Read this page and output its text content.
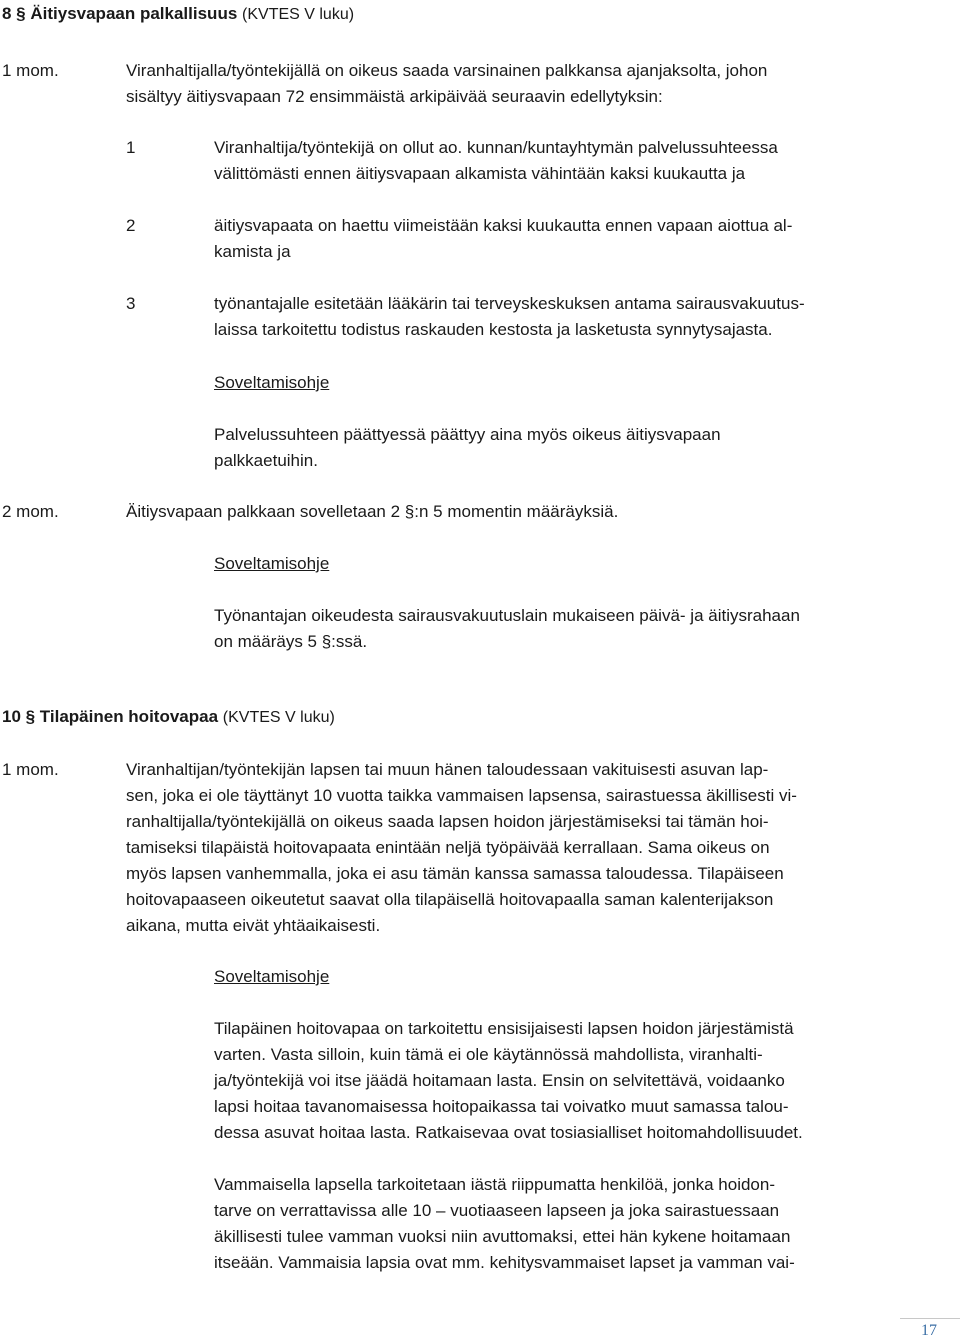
8 § Äitiysvapaan palkallisuus (KVTES V luku)
1 mom.	Viranhaltijalla/työntekijällä on oikeus saada varsinainen palkkansa ajanjaksolta, johon
sisältyy äitiysvapaan 72 ensimmäistä arkipäivää seuraavin edellytyksin:
1	Viranhaltija/työntekijä on ollut ao. kunnan/kuntayhtymän palvelussuhteessa
välittömästi ennen äitiysvapaan alkamista vähintään kaksi kuukautta ja
2	äitiysvapaata on haettu viimeistään kaksi kuukautta ennen vapaan aiottua al-
kamista ja
3	työnantajalle esitetään lääkärin tai terveyskeskuksen antama sairausvakuutus-
laissa tarkoitettu todistus raskauden kestosta ja lasketusta synnytysajasta.
Soveltamisohje
Palvelussuhteen päättyessä päättyy aina myös oikeus äitiysvapaan
palkkaetuihin.
2 mom.	Äitiysvapaan palkkaan sovelletaan 2 §:n 5 momentin määräyksiä.
Soveltamisohje
Työnantajan oikeudesta sairausvakuutuslain mukaiseen päivä- ja äitiysrahaan
on määräys 5 §:ssä.
10 § Tilapäinen hoitovapaa (KVTES V luku)
1 mom.	Viranhaltijan/työntekijän lapsen tai muun hänen taloudessaan vakituisesti asuvan lap-
sen, joka ei ole täyttänyt 10 vuotta taikka vammaisen lapsensa, sairastuessa äkillisesti vi-
ranhaltijalla/työntekijällä on oikeus saada lapsen hoidon järjestämiseksi tai tämän hoi-
tamiseksi tilapäistä hoitovapaata enintään neljä työpäivää kerrallaan. Sama oikeus on
myös lapsen vanhemmalla, joka ei asu tämän kanssa samassa taloudessa. Tilapäiseen
hoitovapaaseen oikeutetut saavat olla tilapäisellä hoitovapaalla saman kalenterijakson
aikana, mutta eivät yhtäaikaisesti.
Soveltamisohje
Tilapäinen hoitovapaa on tarkoitettu ensisijaisesti lapsen hoidon järjestämistä
varten. Vasta silloin, kuin tämä ei ole käytännössä mahdollista, viranhalti-
ja/työntekijä voi itse jäädä hoitamaan lasta. Ensin on selvitettävä, voidaanko
lapsi hoitaa tavanomaisessa hoitopaikassa tai voivatko muut samassa talou-
dessa asuvat hoitaa lasta. Ratkaisevaa ovat tosiasialliset hoitomahdollisuudet.
Vammaisella lapsella tarkoitetaan iästä riippumatta henkilöä, jonka hoidon-
tarve on verrattavissa alle 10 – vuotiaaseen lapseen ja joka sairastuessaan
äkillisesti tulee vamman vuoksi niin avuttomaksi, ettei hän kykene hoitamaan
itseään. Vammaisia lapsia ovat mm. kehitysvammaiset lapset ja vamman vai-
17
